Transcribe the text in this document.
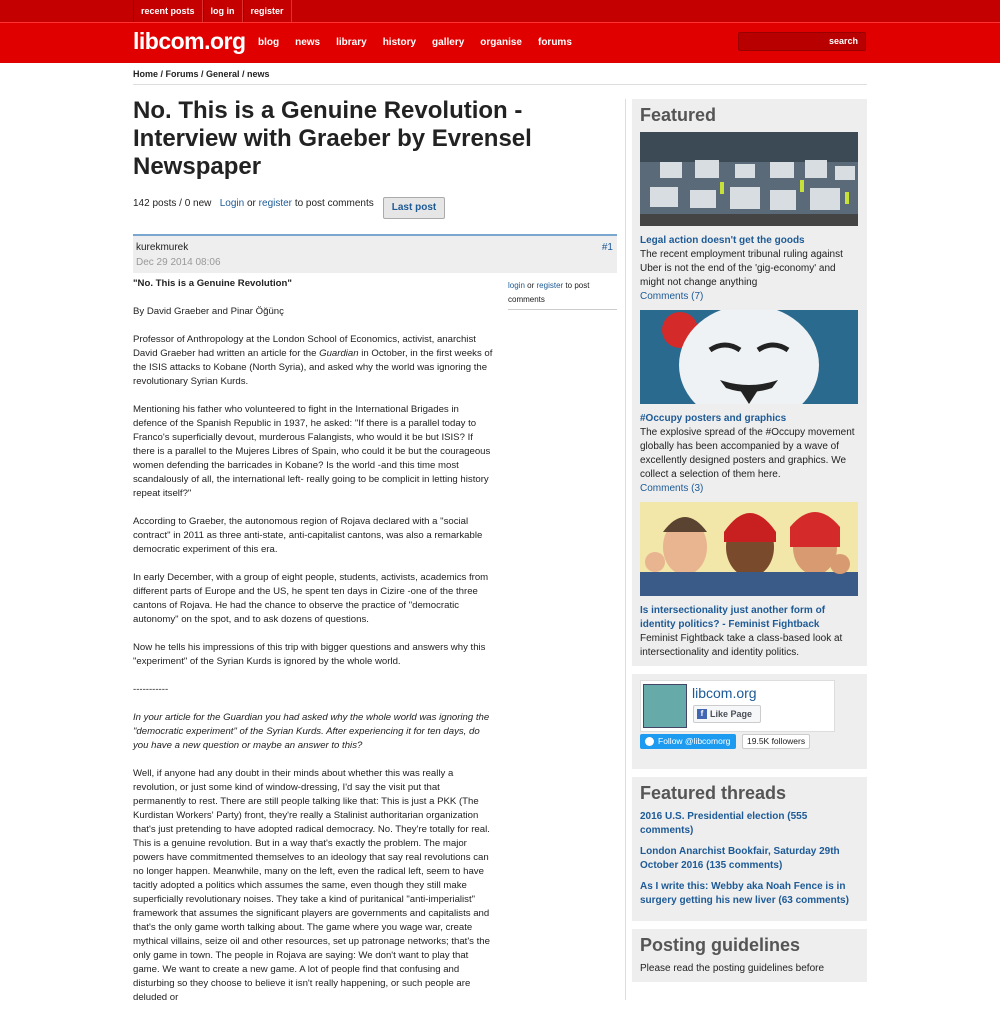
recent posts	log in	register
libcom.org	blog	news	library	history	gallery	organise	forums	search
Home / Forums / General / news
No. This is a Genuine Revolution - Interview with Graeber by Evrensel Newspaper
142 posts / 0 new Login or register to post comments	Last post
kurekmurek
Dec 29 2014 08:06
#1
login or register to post comments

"No. This is a Genuine Revolution"

By David Graeber and Pinar Öğünç

Professor of Anthropology at the London School of Economics, activist, anarchist David Graeber had written an article for the Guardian in October, in the first weeks of the ISIS attacks to Kobane (North Syria), and asked why the world was ignoring the revolutionary Syrian Kurds.

Mentioning his father who volunteered to fight in the International Brigades in defence of the Spanish Republic in 1937, he asked: "If there is a parallel today to Franco's superficially devout, murderous Falangists, who would it be but ISIS? If there is a parallel to the Mujeres Libres of Spain, who could it be but the courageous women defending the barricades in Kobane? Is the world -and this time most scandalously of all, the international left- really going to be complicit in letting history repeat itself?"

According to Graeber, the autonomous region of Rojava declared with a "social contract" in 2011 as three anti-state, anti-capitalist cantons, was also a remarkable democratic experiment of this era.

In early December, with a group of eight people, students, activists, academics from different parts of Europe and the US, he spent ten days in Cizire -one of the three cantons of Rojava. He had the chance to observe the practice of "democratic autonomy" on the spot, and to ask dozens of questions.

Now he tells his impressions of this trip with bigger questions and answers why this "experiment" of the Syrian Kurds is ignored by the whole world.

-----------

In your article for the Guardian you had asked why the whole world was ignoring the "democratic experiment" of the Syrian Kurds. After experiencing it for ten days, do you have a new question or maybe an answer to this?

Well, if anyone had any doubt in their minds about whether this was really a revolution, or just some kind of window-dressing, I'd say the visit put that permanently to rest. There are still people talking like that: This is just a PKK (The Kurdistan Workers' Party) front, they're really a Stalinist authoritarian organization that's just pretending to have adopted radical democracy. No. They're totally for real. This is a genuine revolution. But in a way that's exactly the problem. The major powers have commitmented themselves to an ideology that say real revolutions can no longer happen. Meanwhile, many on the left, even the radical left, seem to have tacitly adopted a politics which assumes the same, even though they still make superficially revolutionary noises. They take a kind of puritanical "anti-imperialist" framework that assumes the significant players are governments and capitalists and that's the only game worth talking about. The game where you wage war, create mythical villains, seize oil and other resources, set up patronage networks; that's the only game in town. The people in Rojava are saying: We don't want to play that game. We want to create a new game. A lot of people find that confusing and disturbing so they choose to believe it isn't really happening, or such people are deluded or

Featured
Legal action doesn't get the goods
The recent employment tribunal ruling against Uber is not the end of the 'gig-economy' and might not change anything
Comments (7)
#Occupy posters and graphics
The explosive spread of the #Occupy movement globally has been accompanied by a wave of excellently designed posters and graphics. We collect a selection of them here.
Comments (3)
Is intersectionality just another form of identity politics? - Feminist Fightback
Feminist Fightback take a class-based look at intersectionality and identity politics.
libcom.org
f Like Page
Follow @libcomorg	19.5K followers
Featured threads
2016 U.S. Presidential election (555 comments)
London Anarchist Bookfair, Saturday 29th October 2016 (135 comments)
As I write this: Webby aka Noah Fence is in surgery getting his new liver (63 comments)
Posting guidelines

Please read the posting guidelines before
